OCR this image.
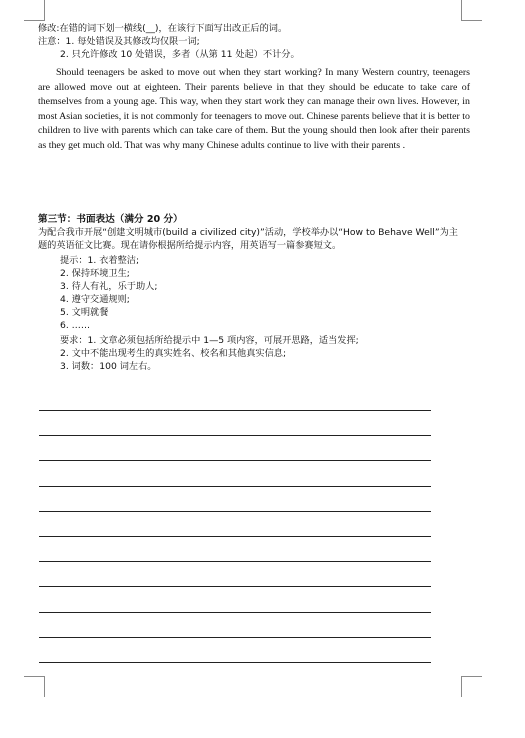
修改:在错的词下划一横线(__)，在该行下面写出改正后的词。
注意：1. 每处错误及其修改均仅限一词;
2. 只允许修改 10 处错误，多者（从第 11 处起）不计分。

Should teenagers be asked to move out when they start working? In many Western country, teenagers are allowed move out at eighteen. Their parents believe in that they should be educate to take care of themselves from a young age. This way, when they start work they can manage their own lives. However, in most Asian societies, it is not commonly for teenagers to move out. Chinese parents believe that it is better to children to live with parents which can take care of them. But the young should then look after their parents as they get much old. That was why many Chinese adults continue to live with their parents .

第三节：书面表达（满分 20 分）
为配合我市开展“创建文明城市(build a civilized city)”活动，学校举办以“How to Behave Well”为主
题的英语征文比赛。现在请你根据所给提示内容，用英语写一篇参赛短文。
提示：1. 衣着整洁;
2. 保持环境卫生;
3. 待人有礼，乐于助人;
4. 遵守交通规则;
5. 文明就餐
6. ……
要求：1. 文章必须包括所给提示中 1—5 项内容，可展开思路，适当发挥;
2. 文中不能出现考生的真实姓名、校名和其他真实信息;
3. 词数：100 词左右。
